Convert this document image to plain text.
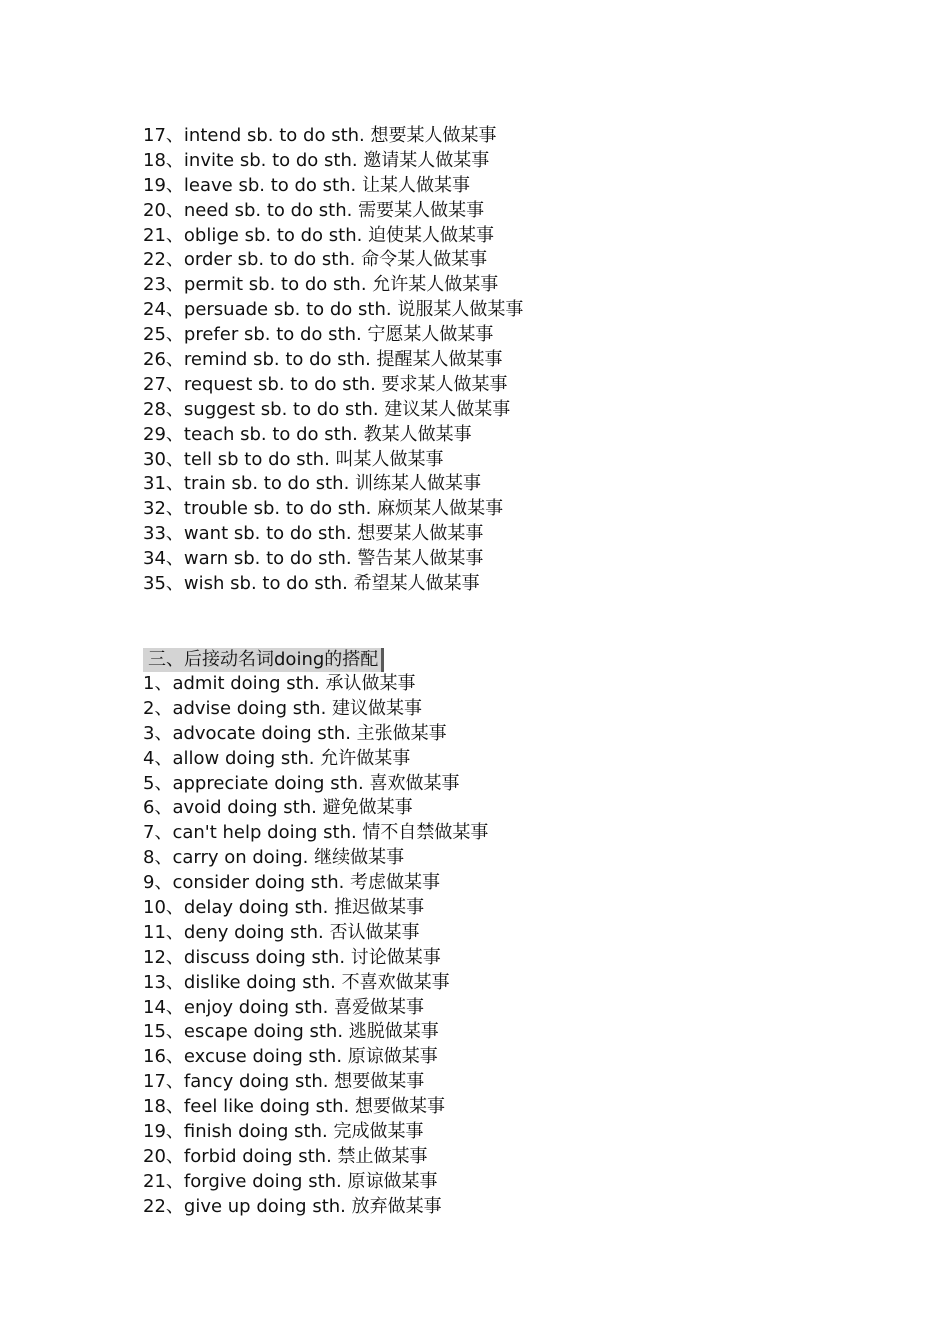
17、intend sb. to do sth. 想要某人做某事
18、invite sb. to do sth. 邀请某人做某事
19、leave sb. to do sth. 让某人做某事
20、need sb. to do sth. 需要某人做某事
21、oblige sb. to do sth. 迫使某人做某事
22、order sb. to do sth. 命令某人做某事
23、permit sb. to do sth. 允许某人做某事
24、persuade sb. to do sth. 说服某人做某事
25、prefer sb. to do sth. 宁愿某人做某事
26、remind sb. to do sth. 提醒某人做某事
27、request sb. to do sth. 要求某人做某事
28、suggest sb. to do sth. 建议某人做某事
29、teach sb. to do sth. 教某人做某事
30、tell sb to do sth. 叫某人做某事
31、train sb. to do sth. 训练某人做某事
32、trouble sb. to do sth. 麻烦某人做某事
33、want sb. to do sth. 想要某人做某事
34、warn sb. to do sth. 警告某人做某事
35、wish sb. to do sth. 希望某人做某事
三、后接动名词doing的搭配
1、admit doing sth. 承认做某事
2、advise doing sth. 建议做某事
3、advocate doing sth. 主张做某事
4、allow doing sth. 允许做某事
5、appreciate doing sth. 喜欢做某事
6、avoid doing sth. 避免做某事
7、can't help doing sth. 情不自禁做某事
8、carry on doing. 继续做某事
9、consider doing sth. 考虑做某事
10、delay doing sth. 推迟做某事
11、deny doing sth. 否认做某事
12、discuss doing sth. 讨论做某事
13、dislike doing sth. 不喜欢做某事
14、enjoy doing sth. 喜爱做某事
15、escape doing sth. 逃脱做某事
16、excuse doing sth. 原谅做某事
17、fancy doing sth. 想要做某事
18、feel like doing sth. 想要做某事
19、finish doing sth. 完成做某事
20、forbid doing sth. 禁止做某事
21、forgive doing sth. 原谅做某事
22、give up doing sth. 放弃做某事
